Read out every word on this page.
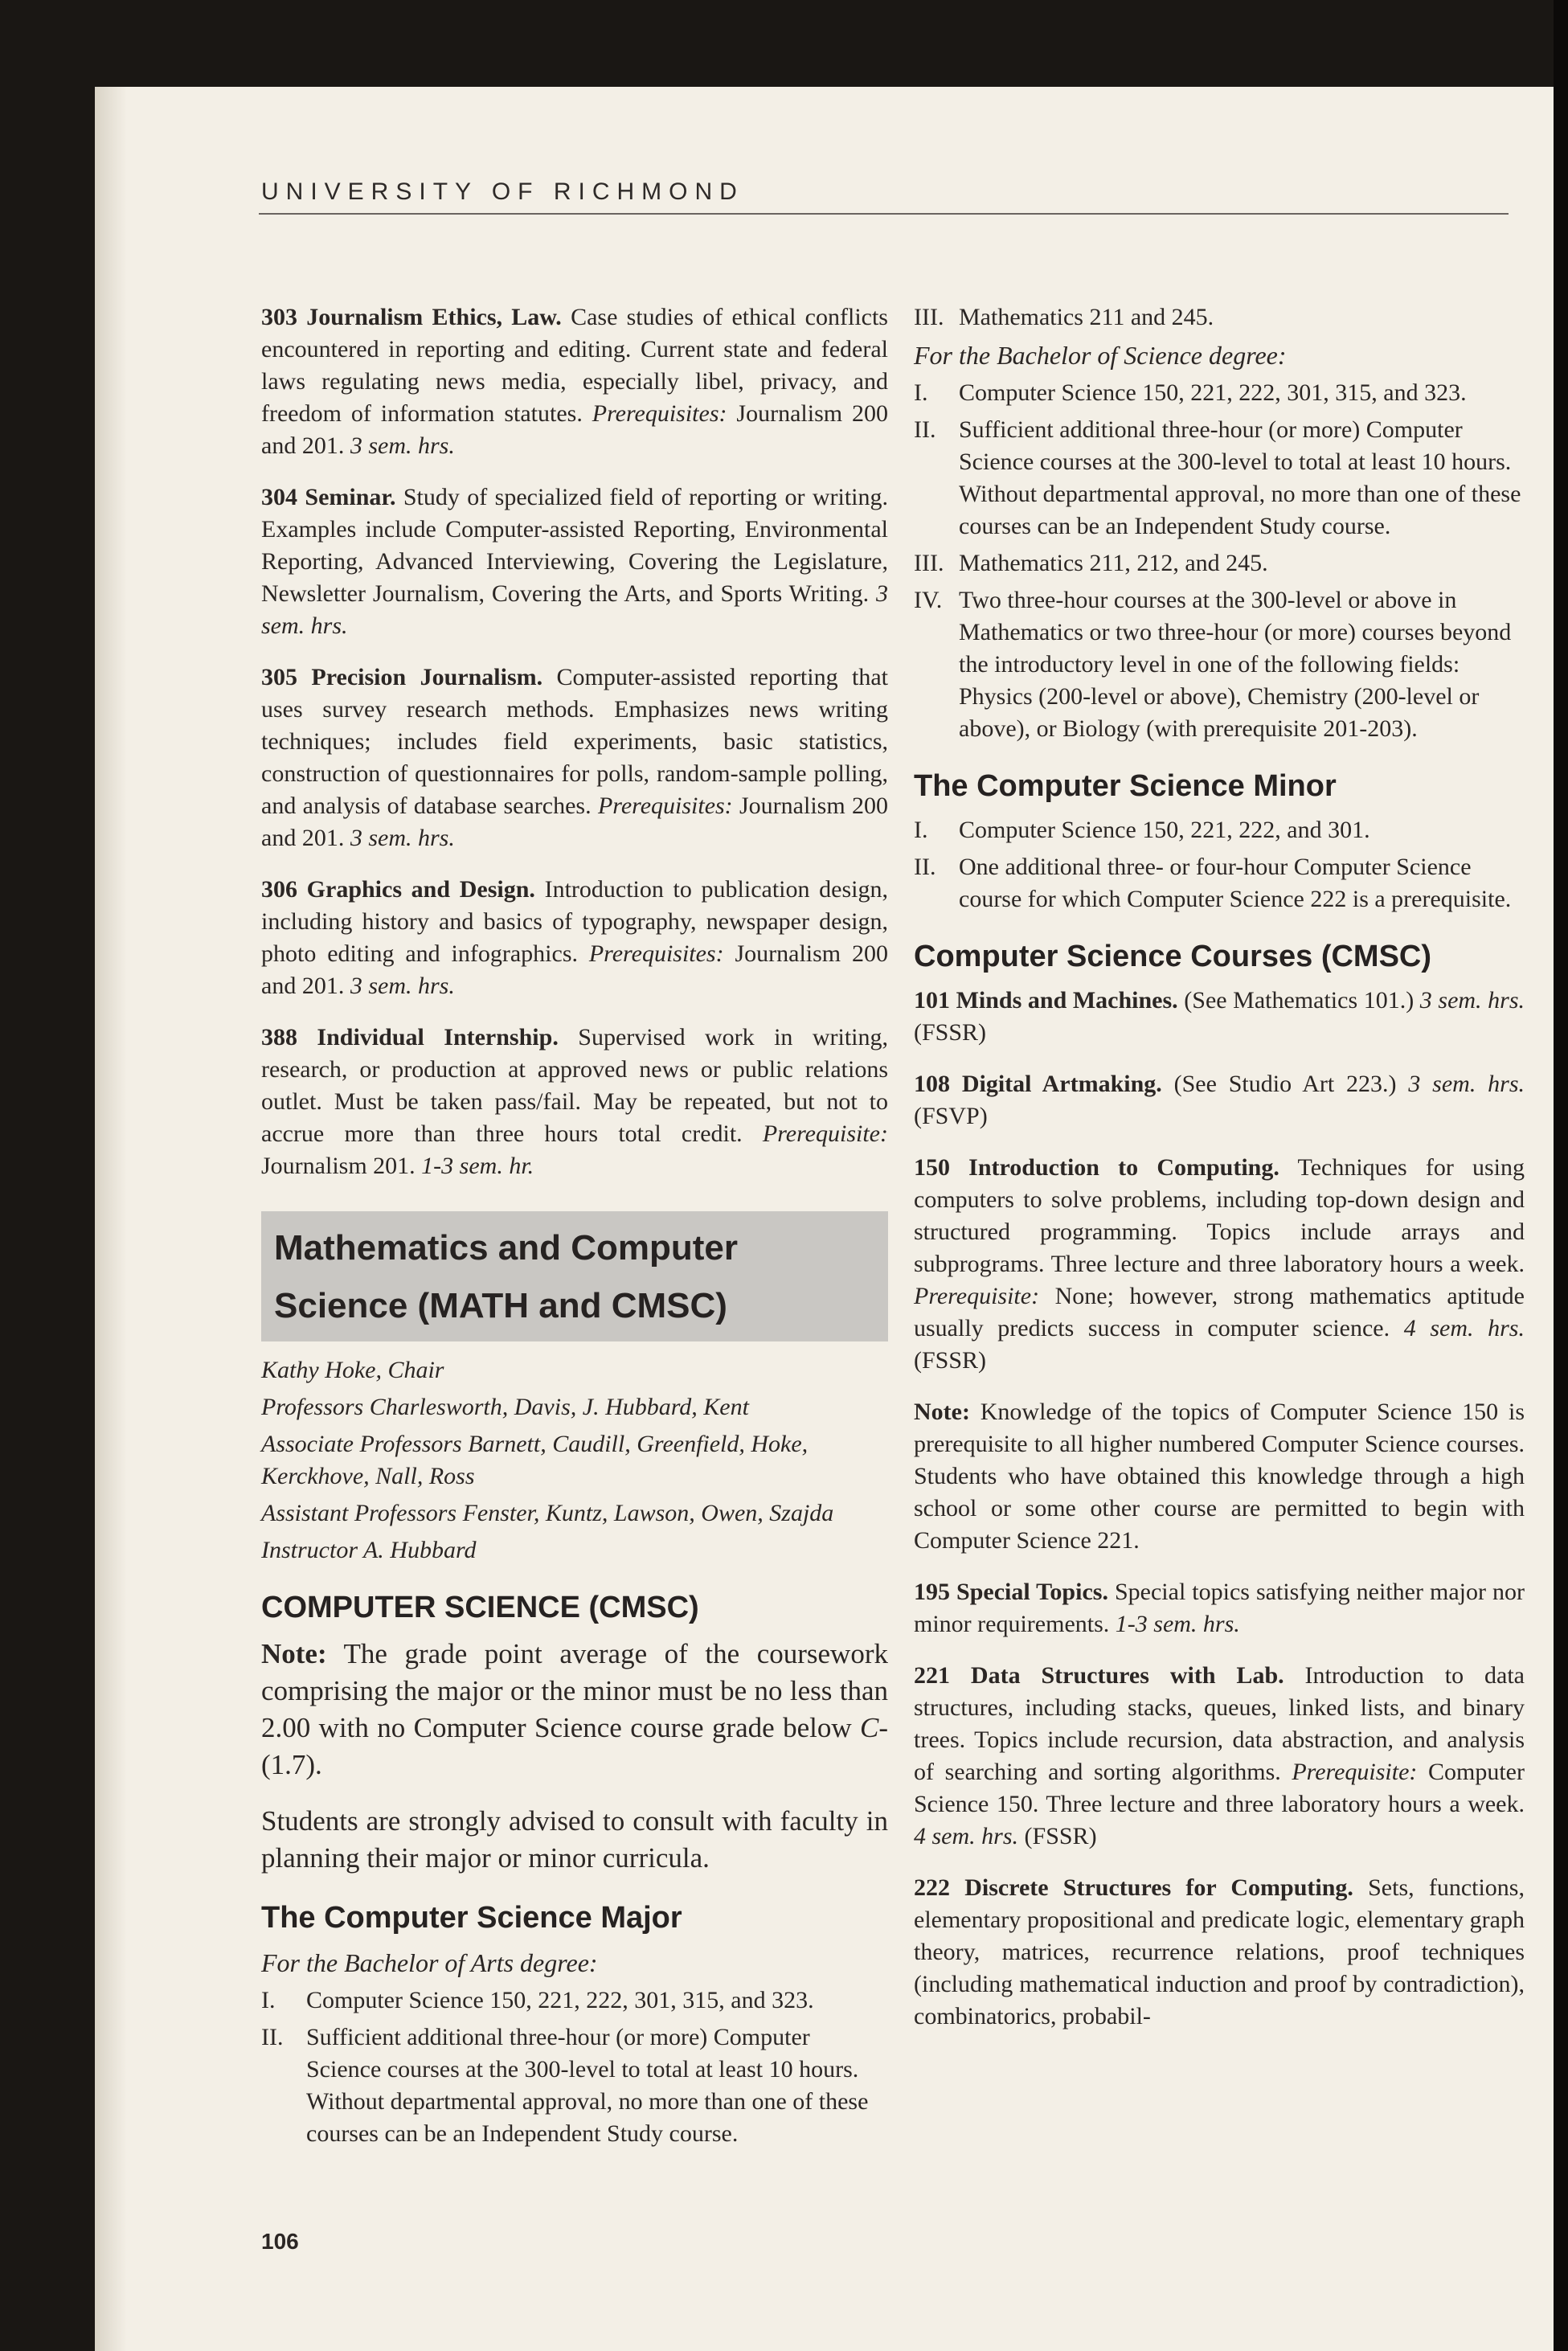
UNIVERSITY OF RICHMOND

303 Journalism Ethics, Law. Case studies of ethical conflicts encountered in reporting and editing. Current state and federal laws regulating news media, especially libel, privacy, and freedom of information statutes. Prerequisites: Journalism 200 and 201. 3 sem. hrs.

304 Seminar. Study of specialized field of reporting or writing. Examples include Computer-assisted Reporting, Environmental Reporting, Advanced Interviewing, Covering the Legislature, Newsletter Journalism, Covering the Arts, and Sports Writing. 3 sem. hrs.

305 Precision Journalism. Computer-assisted reporting that uses survey research methods. Emphasizes news writing techniques; includes field experiments, basic statistics, construction of questionnaires for polls, random-sample polling, and analysis of database searches. Prerequisites: Journalism 200 and 201. 3 sem. hrs.

306 Graphics and Design. Introduction to publication design, including history and basics of typography, newspaper design, photo editing and infographics. Prerequisites: Journalism 200 and 201. 3 sem. hrs.

388 Individual Internship. Supervised work in writing, research, or production at approved news or public relations outlet. Must be taken pass/fail. May be repeated, but not to accrue more than three hours total credit. Prerequisite: Journalism 201. 1-3 sem. hr.

Mathematics and Computer Science (MATH and CMSC)
Kathy Hoke, Chair
Professors Charlesworth, Davis, J. Hubbard, Kent
Associate Professors Barnett, Caudill, Greenfield, Hoke, Kerckhove, Nall, Ross
Assistant Professors Fenster, Kuntz, Lawson, Owen, Szajda
Instructor A. Hubbard
COMPUTER SCIENCE (CMSC)

Note: The grade point average of the coursework comprising the major or the minor must be no less than 2.00 with no Computer Science course grade below C- (1.7).

Students are strongly advised to consult with faculty in planning their major or minor curricula.

The Computer Science Major
For the Bachelor of Arts degree:
I.	Computer Science 150, 221, 222, 301, 315, and 323.
II. Sufficient additional three-hour (or more) Computer Science courses at the 300-level to total at least 10 hours. Without departmental approval, no more than one of these courses can be an Independent Study course.
III. Mathematics 211 and 245.
For the Bachelor of Science degree:
I.	Computer Science 150, 221, 222, 301, 315, and 323.
II. Sufficient additional three-hour (or more) Computer Science courses at the 300-level to total at least 10 hours. Without departmental approval, no more than one of these courses can be an Independent Study course.
III. Mathematics 211, 212, and 245.
IV. Two three-hour courses at the 300-level or above in Mathematics or two three-hour (or more) courses beyond the introductory level in one of the following fields: Physics (200-level or above), Chemistry (200-level or above), or Biology (with prerequisite 201-203).
The Computer Science Minor
I.	Computer Science 150, 221, 222, and 301.
II. One additional three- or four-hour Computer Science course for which Computer Science 222 is a prerequisite.
Computer Science Courses (CMSC)

101 Minds and Machines. (See Mathematics 101.) 3 sem. hrs. (FSSR)

108 Digital Artmaking. (See Studio Art 223.) 3 sem. hrs. (FSVP)

150 Introduction to Computing. Techniques for using computers to solve problems, including top-down design and structured programming. Topics include arrays and subprograms. Three lecture and three laboratory hours a week. Prerequisite: None; however, strong mathematics aptitude usually predicts success in computer science. 4 sem. hrs. (FSSR)

Note: Knowledge of the topics of Computer Science 150 is prerequisite to all higher numbered Computer Science courses. Students who have obtained this knowledge through a high school or some other course are permitted to begin with Computer Science 221.

195 Special Topics. Special topics satisfying neither major nor minor requirements. 1-3 sem. hrs.

221 Data Structures with Lab. Introduction to data structures, including stacks, queues, linked lists, and binary trees. Topics include recursion, data abstraction, and analysis of searching and sorting algorithms. Prerequisite: Computer Science 150. Three lecture and three laboratory hours a week. 4 sem. hrs. (FSSR)

222 Discrete Structures for Computing. Sets, functions, elementary propositional and predicate logic, elementary graph theory, matrices, recurrence relations, proof techniques (including mathematical induction and proof by contradiction), combinatorics, probabil-

106
